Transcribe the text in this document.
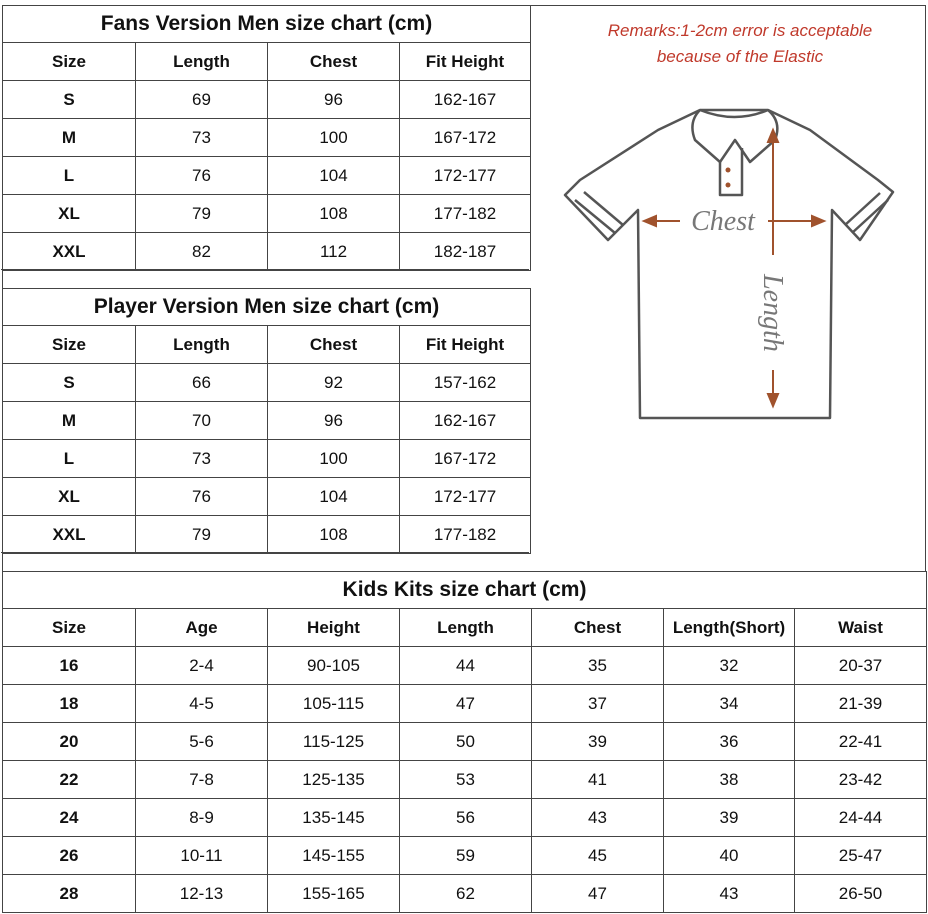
Fans Version Men size chart (cm)			
Size	Length	Chest	Fit Height
S	69	96	162-167
M	73	100	167-172
L	76	104	172-177
XL	79	108	177-182
XXL	82	112	182-187
Player Version Men size chart (cm)			
Size	Length	Chest	Fit Height
S	66	92	157-162
M	70	96	162-167
L	73	100	167-172
XL	76	104	172-177
XXL	79	108	177-182
Kids Kits size chart (cm)						
Size	Age	Height	Length	Chest	Length(Short)	Waist
16	2-4	90-105	44	35	32	20-37
18	4-5	105-115	47	37	34	21-39
20	5-6	115-125	50	39	36	22-41
22	7-8	125-135	53	41	38	23-42
24	8-9	135-145	56	43	39	24-44
26	10-11	145-155	59	45	40	25-47
28	12-13	155-165	62	47	43	26-50
Remarks:1-2cm error is acceptable
because of the Elastic
Chest
Length
